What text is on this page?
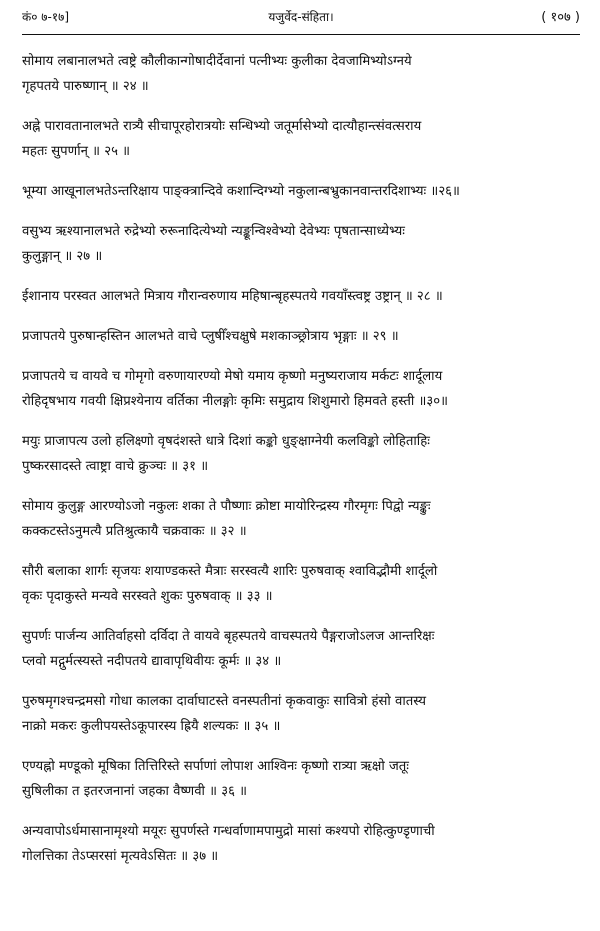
कं० ७-१७]	यजुर्वेद-संहिता।	( १०७ )
सोमाय लबानालभते त्वष्ट्रे कौलीकान्गोषादीर्देवानां पत्नीभ्यः कुलीका देवजामिभ्योऽग्नये
गृहपतये पारुष्णान् ॥ २४ ॥
अह्ने पारावतानालभते रात्र्यै सीचापूरहोरात्रयोः सन्धिभ्यो जतूर्मासेभ्यो दात्यौहान्त्संवत्सराय
महतः सुपर्णान् ॥ २५ ॥
भूम्या आखूनालभतेऽन्तरिक्षाय पाङ्क्त्रान्दिवे कशान्दिग्भ्यो नकुलान्बभ्रुकानवान्तरदिशाभ्यः ॥२६॥
वसुभ्य ऋश्यानालभते रुद्रेभ्यो रुरूनादित्येभ्यो न्यङ्कून्विश्वेभ्यो देवेभ्यः पृषतान्साध्येभ्यः
कुलुङ्गान् ॥ २७ ॥
ईशानाय परस्वत आलभते मित्राय गौरान्वरुणाय महिषान्बृहस्पतये गवयाँस्त्वष्ट्र उष्ट्रान् ॥ २८ ॥
प्रजापतये पुरुषान्हस्तिन आलभते वाचे प्लुषीँश्चक्षुषे मशकाञ्छ्रोत्राय भृङ्गाः ॥ २९ ॥
प्रजापतये च वायवे च गोमृगो वरुणायारण्यो मेषो यमाय कृष्णो मनुष्यराजाय मर्कटः शार्दूलाय
रोहिदृषभाय गवयी क्षिप्रश्येनाय वर्तिका नीलङ्गोः कृमिः समुद्राय शिशुमारो हिमवते हस्ती ॥३०॥
मयुः प्राजापत्य उलो हलिक्ष्णो वृषदंशस्ते धात्रे दिशां कङ्को धुङ्क्षाग्नेयी कलविङ्को लोहिताहिः
पुष्करसादस्ते त्वाष्ट्रा वाचे क्रुञ्चः ॥ ३१ ॥
सोमाय कुलुङ्ग आरण्योऽजो नकुलः शका ते पौष्णाः क्रोष्टा मायोरिन्द्रस्य गौरमृगः पिद्वो न्यङ्कुः
कक्कटस्तेऽनुमत्यै प्रतिश्रुत्कायै चक्रवाकः ॥ ३२ ॥
सौरी बलाका शार्गः सृजयः शयाण्डकस्ते मैत्राः सरस्वत्यै शारिः पुरुषवाक् श्वाविद्भौमी शार्दूलो
वृकः पृदाकुस्ते मन्यवे सरस्वते शुकः पुरुषवाक् ॥ ३३ ॥
सुपर्णः पार्जन्य आतिर्वाहसो दर्विदा ते वायवे बृहस्पतये वाचस्पतये पैङ्गराजोऽलज आन्तरिक्षः
प्लवो मद्गुर्मत्स्यस्ते नदीपतये द्यावापृथिवीयः कूर्मः ॥ ३४ ॥
पुरुषमृगश्चन्द्रमसो गोधा कालका दार्वाघाटस्ते वनस्पतीनां कृकवाकुः सावित्रो हंसो वातस्य
नाक्रो मकरः कुलीपयस्तेऽकूपारस्य ह्रियै शल्यकः ॥ ३५ ॥
एण्यह्नो मण्डूको मूषिका तित्तिरिस्ते सर्पाणां लोपाश आश्विनः कृष्णो रात्र्या ऋक्षो जतूः
सुषिलीका त इतरजनानां जहका वैष्णवी ॥ ३६ ॥
अन्यवापोऽर्धमासानामृश्यो मयूरः सुपर्णस्ते गन्धर्वाणामपामुद्रो मासां कश्यपो रोहित्कुण्डृणाची
गोलत्तिका तेऽप्सरसां मृत्यवेऽसितः ॥ ३७ ॥
